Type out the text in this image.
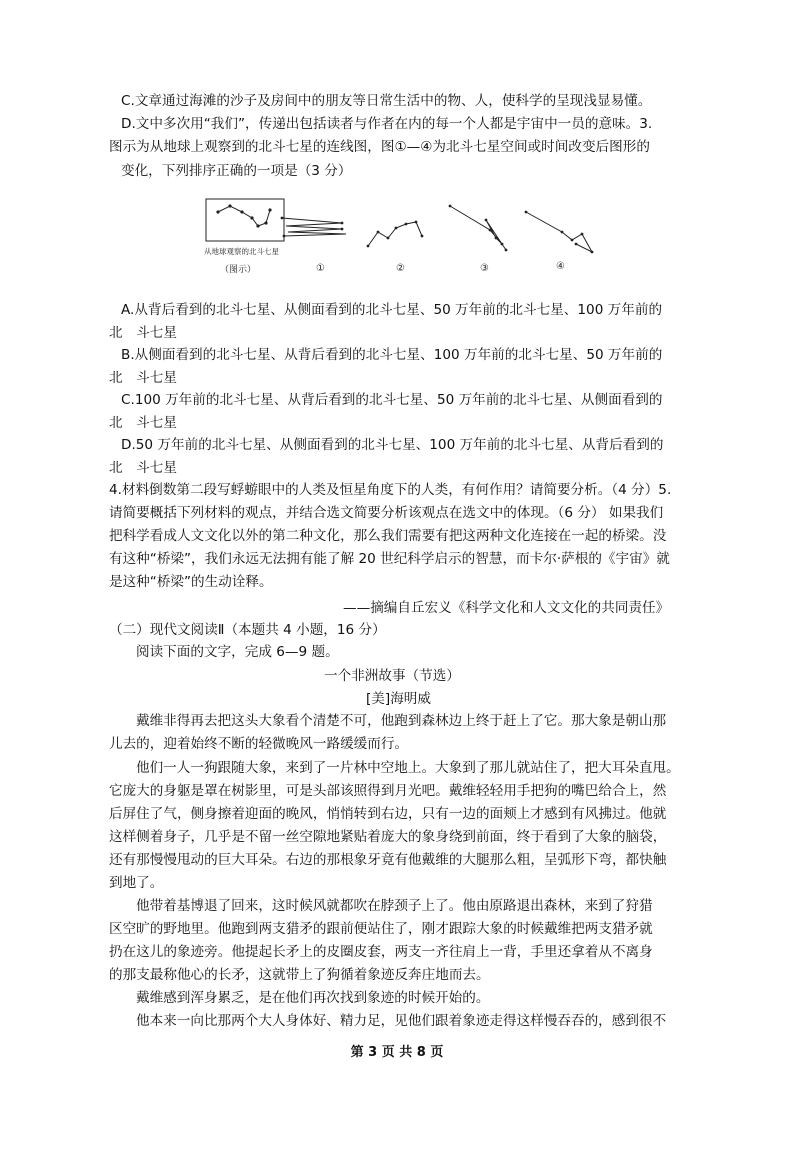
C.文章通过海滩的沙子及房间中的朋友等日常生活中的物、人，使科学的呈现浅显易懂。
D.文中多次用“我们”，传递出包括读者与作者在内的每一个人都是宇宙中一员的意味。3.
图示为从地球上观察到的北斗七星的连线图，图①—④为北斗七星空间或时间改变后图形的
变化，下列排序正确的一项是（3 分）
从地球观察的北斗七星
（图示）	①	②	③	④
A.从背后看到的北斗七星、从侧面看到的北斗七星、50 万年前的北斗七星、100 万年前的
北　斗七星
B.从侧面看到的北斗七星、从背后看到的北斗七星、100 万年前的北斗七星、50 万年前的
北　斗七星
C.100 万年前的北斗七星、从背后看到的北斗七星、50 万年前的北斗七星、从侧面看到的
北　斗七星
D.50 万年前的北斗七星、从侧面看到的北斗七星、100 万年前的北斗七星、从背后看到的
北　斗七星
4.材料倒数第二段写蜉蝣眼中的人类及恒星角度下的人类，有何作用？请简要分析。（4 分）5.
请简要概括下列材料的观点，并结合选文简要分析该观点在选文中的体现。（6 分） 如果我们
把科学看成人文文化以外的第二种文化，那么我们需要有把这两种文化连接在一起的桥梁。没
有这种“桥梁”，我们永远无法拥有能了解 20 世纪科学启示的智慧，而卡尔·萨根的《宇宙》就
是这种“桥梁”的生动诠释。
——摘编自丘宏义《科学文化和人文文化的共同责任》
（二）现代文阅读Ⅱ（本题共 4 小题，16 分）
阅读下面的文字，完成 6—9 题。
一个非洲故事（节选）
[美]海明威
戴维非得再去把这头大象看个清楚不可，他跑到森林边上终于赶上了它。那大象是朝山那
儿去的，迎着始终不断的轻微晚风一路缓缓而行。
他们一人一狗跟随大象，来到了一片林中空地上。大象到了那儿就站住了，把大耳朵直甩。
它庞大的身躯是罩在树影里，可是头部该照得到月光吧。戴维轻轻用手把狗的嘴巴给合上，然
后屏住了气，侧身擦着迎面的晚风，悄悄转到右边，只有一边的面颊上才感到有风拂过。他就
这样侧着身子，几乎是不留一丝空隙地紧贴着庞大的象身绕到前面，终于看到了大象的脑袋，
还有那慢慢甩动的巨大耳朵。右边的那根象牙竟有他戴维的大腿那么粗，呈弧形下弯，都快触
到地了。
他带着基博退了回来，这时候风就都吹在脖颈子上了。他由原路退出森林，来到了狩猎
区空旷的野地里。他跑到两支猎矛的跟前便站住了，刚才跟踪大象的时候戴维把两支猎矛就
扔在这儿的象迹旁。他提起长矛上的皮圈皮套，两支一齐往肩上一背，手里还拿着从不离身
的那支最称他心的长矛，这就带上了狗循着象迹反奔庄地而去。
戴维感到浑身累乏，是在他们再次找到象迹的时候开始的。
他本来一向比那两个大人身体好、精力足，见他们跟着象迹走得这样慢吞吞的，感到很不
第 3 页 共 8 页
